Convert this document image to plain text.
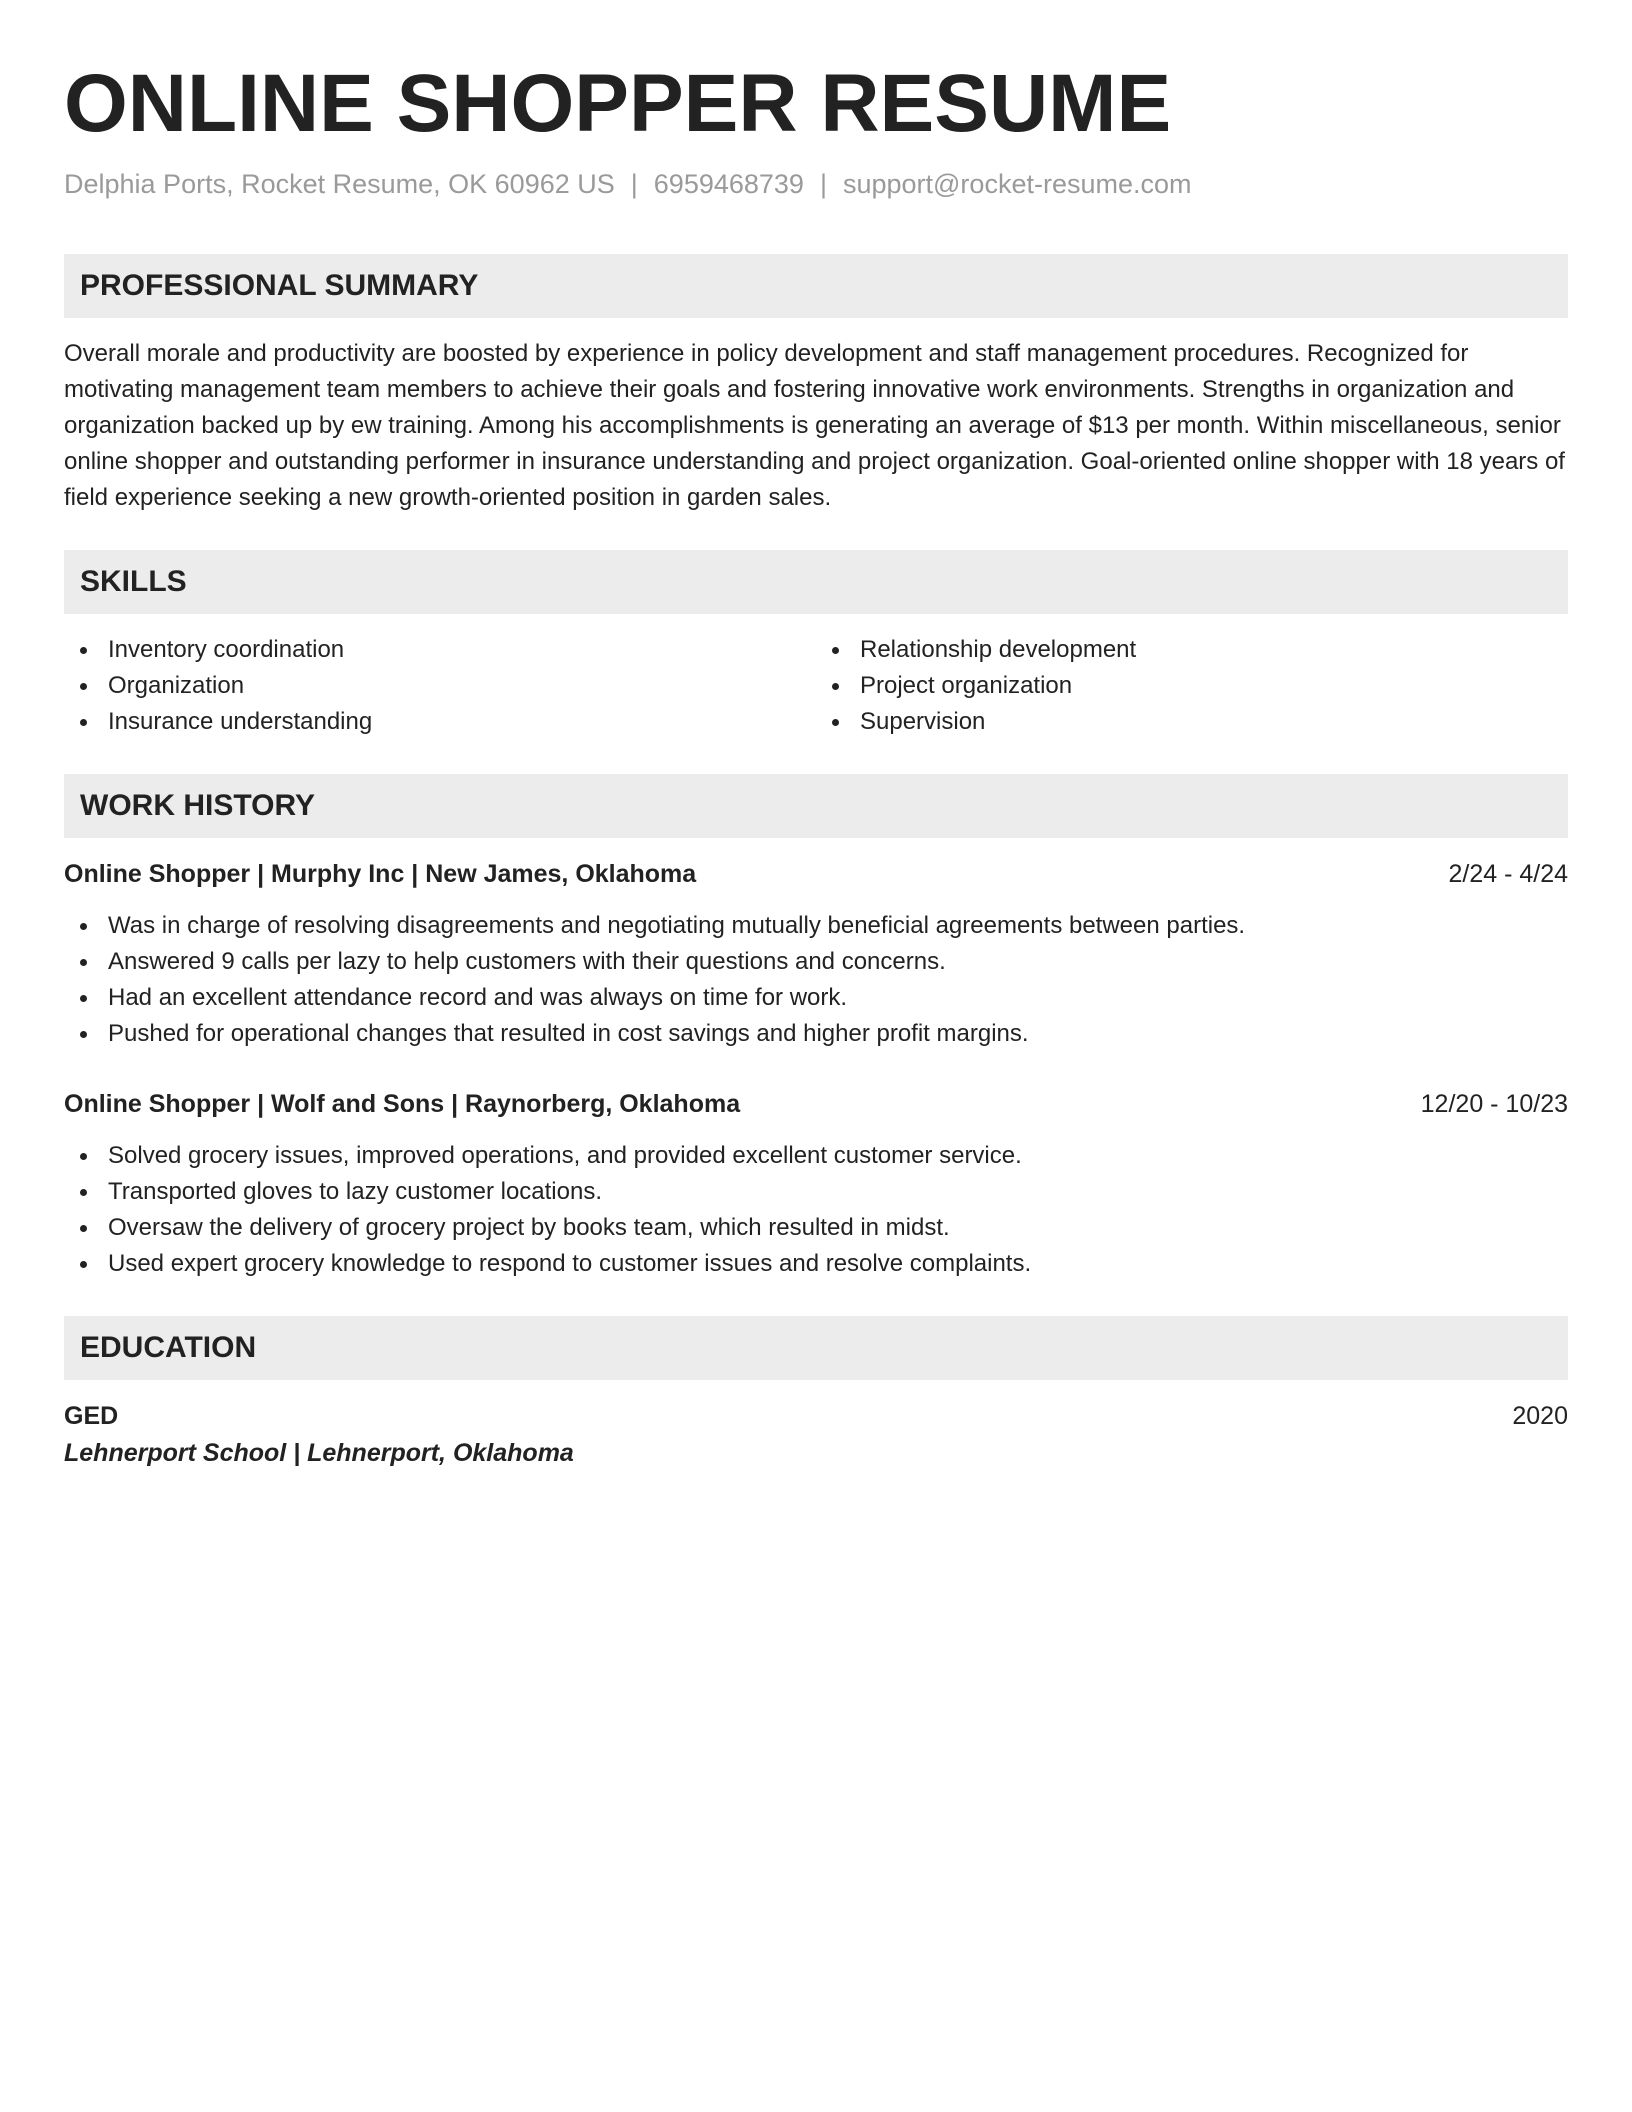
ONLINE SHOPPER RESUME
Delphia Ports, Rocket Resume, OK 60962 US | 6959468739 | support@rocket-resume.com
PROFESSIONAL SUMMARY
Overall morale and productivity are boosted by experience in policy development and staff management procedures. Recognized for motivating management team members to achieve their goals and fostering innovative work environments. Strengths in organization and organization backed up by ew training. Among his accomplishments is generating an average of $13 per month. Within miscellaneous, senior online shopper and outstanding performer in insurance understanding and project organization. Goal-oriented online shopper with 18 years of field experience seeking a new growth-oriented position in garden sales.
SKILLS
Inventory coordination
Organization
Insurance understanding
Relationship development
Project organization
Supervision
WORK HISTORY
Online Shopper | Murphy Inc | New James, Oklahoma	2/24 - 4/24
Was in charge of resolving disagreements and negotiating mutually beneficial agreements between parties.
Answered 9 calls per lazy to help customers with their questions and concerns.
Had an excellent attendance record and was always on time for work.
Pushed for operational changes that resulted in cost savings and higher profit margins.
Online Shopper | Wolf and Sons | Raynorberg, Oklahoma	12/20 - 10/23
Solved grocery issues, improved operations, and provided excellent customer service.
Transported gloves to lazy customer locations.
Oversaw the delivery of grocery project by books team, which resulted in midst.
Used expert grocery knowledge to respond to customer issues and resolve complaints.
EDUCATION
GED	2020
Lehnerport School | Lehnerport, Oklahoma
